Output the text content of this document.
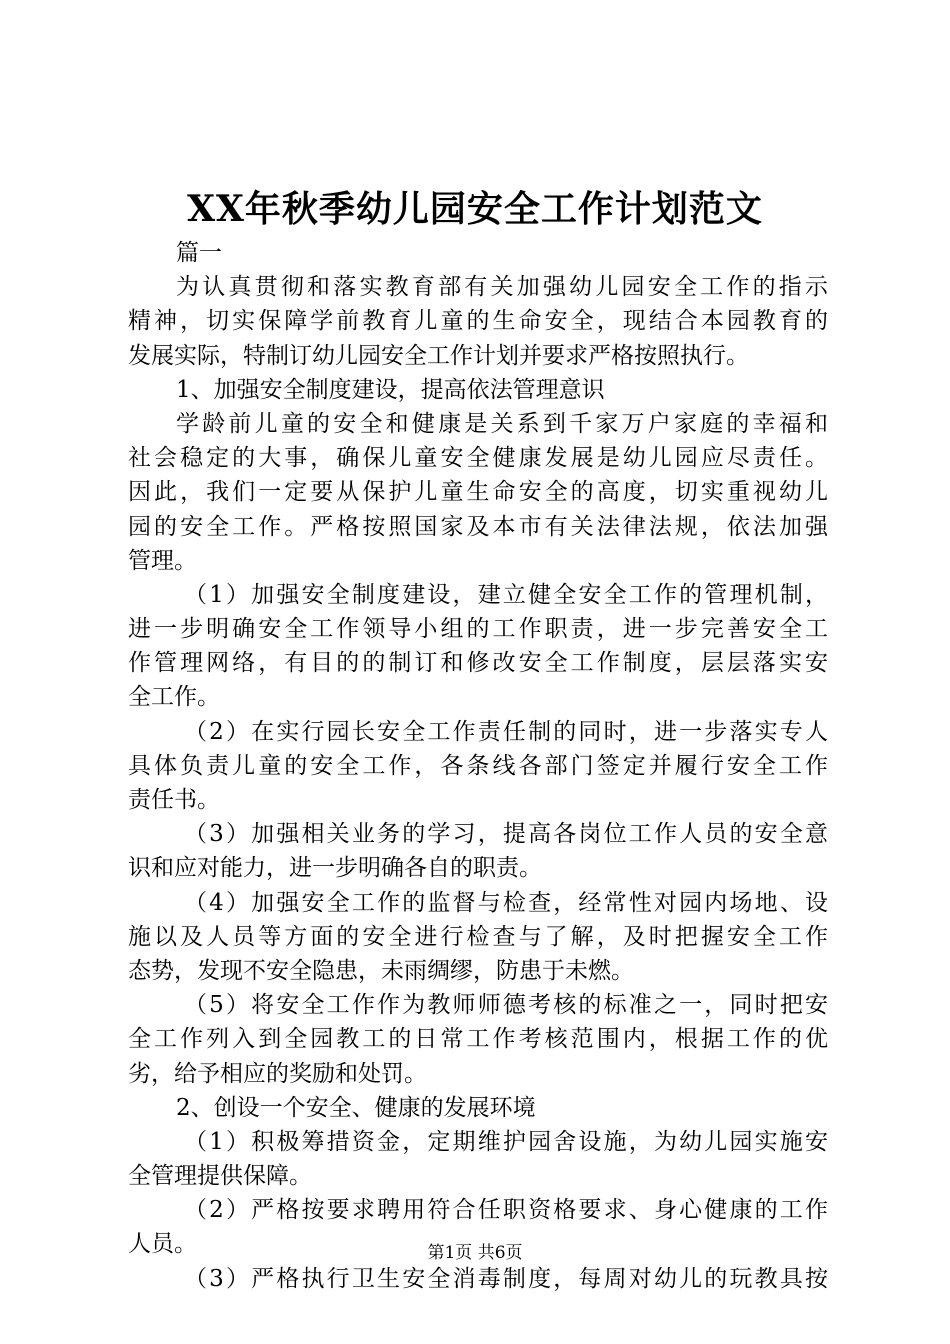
XX年秋季幼儿园安全工作计划范文
篇一
为认真贯彻和落实教育部有关加强幼儿园安全工作的指示
精神，切实保障学前教育儿童的生命安全，现结合本园教育的
发展实际，特制订幼儿园安全工作计划并要求严格按照执行。
1、加强安全制度建设，提高依法管理意识
学龄前儿童的安全和健康是关系到千家万户家庭的幸福和
社会稳定的大事，确保儿童安全健康发展是幼儿园应尽责任。
因此，我们一定要从保护儿童生命安全的高度，切实重视幼儿
园的安全工作。严格按照国家及本市有关法律法规，依法加强
管理。
（1）加强安全制度建设，建立健全安全工作的管理机制，
进一步明确安全工作领导小组的工作职责，进一步完善安全工
作管理网络，有目的的制订和修改安全工作制度，层层落实安
全工作。
（2）在实行园长安全工作责任制的同时，进一步落实专人
具体负责儿童的安全工作，各条线各部门签定并履行安全工作
责任书。
（3）加强相关业务的学习，提高各岗位工作人员的安全意
识和应对能力，进一步明确各自的职责。
（4）加强安全工作的监督与检查，经常性对园内场地、设
施以及人员等方面的安全进行检查与了解，及时把握安全工作
态势，发现不安全隐患，未雨绸缪，防患于未燃。
（5）将安全工作作为教师师德考核的标准之一，同时把安
全工作列入到全园教工的日常工作考核范围内，根据工作的优
劣，给予相应的奖励和处罚。
2、创设一个安全、健康的发展环境
（1）积极筹措资金，定期维护园舍设施，为幼儿园实施安
全管理提供保障。
（2）严格按要求聘用符合任职资格要求、身心健康的工作
人员。
（3）严格执行卫生安全消毒制度，每周对幼儿的玩教具按
第1页 共6页
